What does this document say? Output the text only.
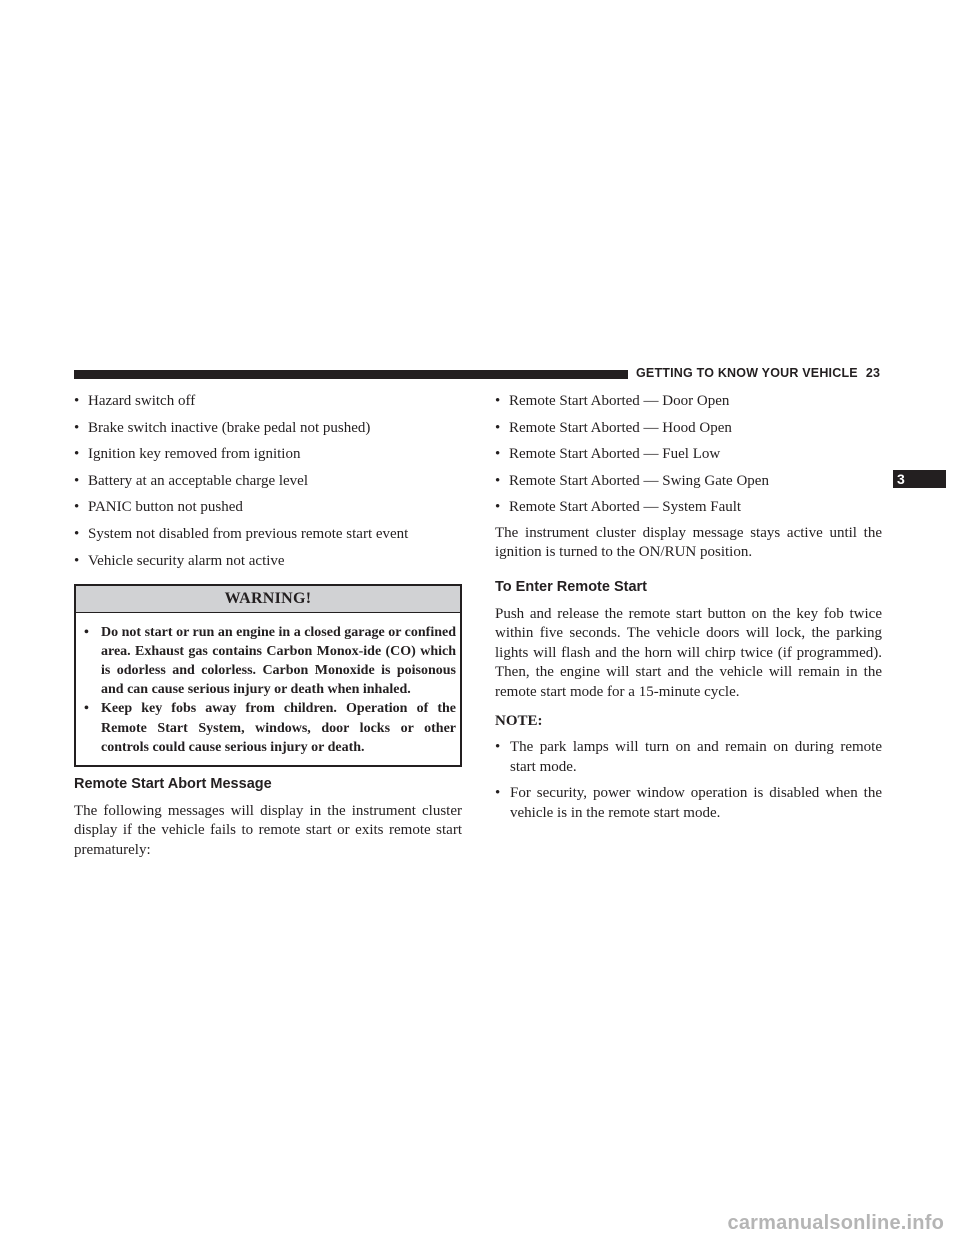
GETTING TO KNOW YOUR VEHICLE 23
3
• Hazard switch off
• Brake switch inactive (brake pedal not pushed)
• Ignition key removed from ignition
• Battery at an acceptable charge level
• PANIC button not pushed
• System not disabled from previous remote start event
• Vehicle security alarm not active
WARNING!
• Do not start or run an engine in a closed garage or confined area. Exhaust gas contains Carbon Monox-ide (CO) which is odorless and colorless. Carbon Monoxide is poisonous and can cause serious injury or death when inhaled.
• Keep key fobs away from children. Operation of the Remote Start System, windows, door locks or other controls could cause serious injury or death.
Remote Start Abort Message

The following messages will display in the instrument cluster display if the vehicle fails to remote start or exits remote start prematurely:

• Remote Start Aborted — Door Open
• Remote Start Aborted — Hood Open
• Remote Start Aborted — Fuel Low
• Remote Start Aborted — Swing Gate Open
• Remote Start Aborted — System Fault

The instrument cluster display message stays active until the ignition is turned to the ON/RUN position.

To Enter Remote Start

Push and release the remote start button on the key fob twice within five seconds. The vehicle doors will lock, the parking lights will flash and the horn will chirp twice (if programmed). Then, the engine will start and the vehicle will remain in the remote start mode for a 15-minute cycle.

NOTE:

• The park lamps will turn on and remain on during remote start mode.
• For security, power window operation is disabled when the vehicle is in the remote start mode.
carmanualsonline.info
